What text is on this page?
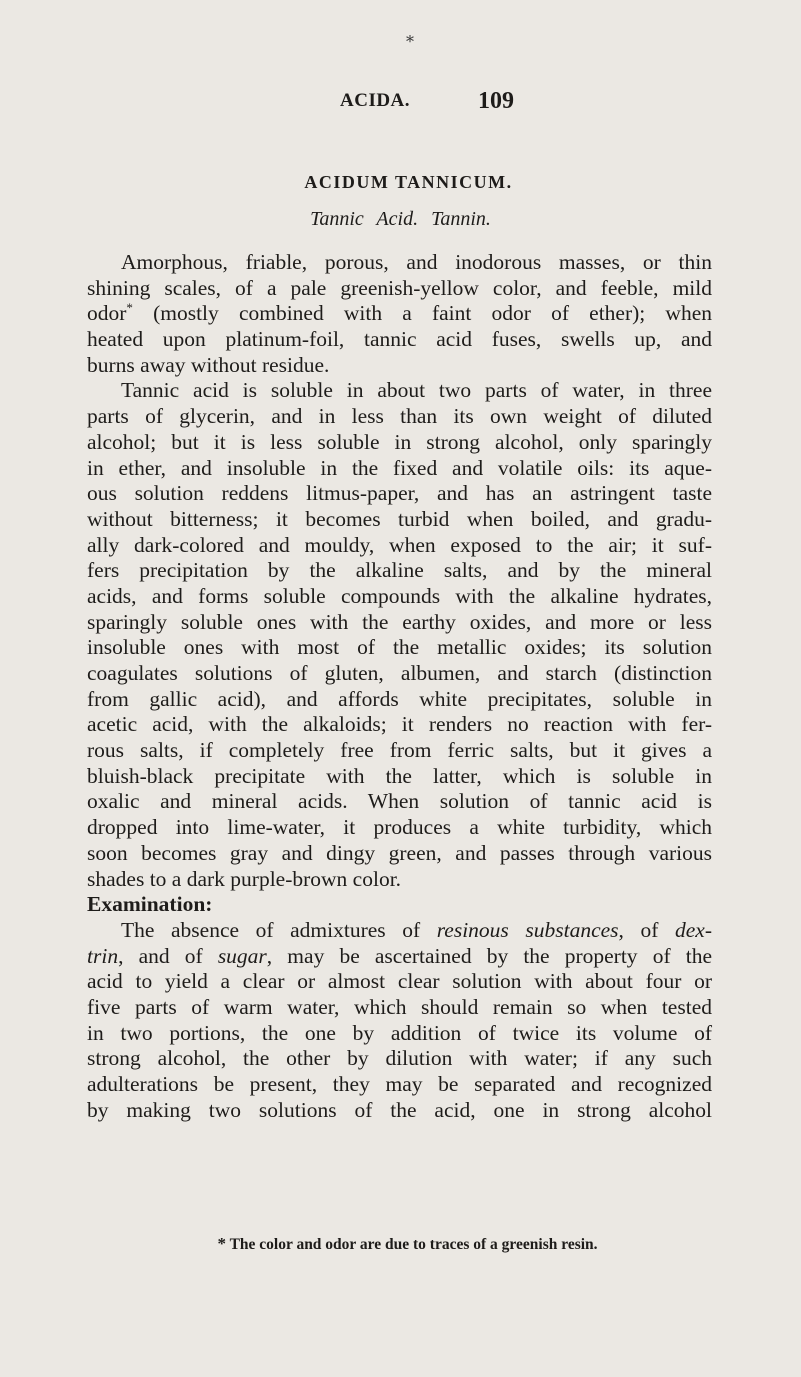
*
ACIDA.	109
ACIDUM TANNICUM.
Tannic Acid. Tannin.
Amorphous, friable, porous, and inodorous masses, or thin
shining scales, of a pale greenish-yellow color, and feeble, mild
odor* (mostly combined with a faint odor of ether); when
heated upon platinum-foil, tannic acid fuses, swells up, and
burns away without residue.
Tannic acid is soluble in about two parts of water, in three
parts of glycerin, and in less than its own weight of diluted
alcohol; but it is less soluble in strong alcohol, only sparingly
in ether, and insoluble in the fixed and volatile oils: its aque-
ous solution reddens litmus-paper, and has an astringent taste
without bitterness; it becomes turbid when boiled, and gradu-
ally dark-colored and mouldy, when exposed to the air; it suf-
fers precipitation by the alkaline salts, and by the mineral
acids, and forms soluble compounds with the alkaline hydrates,
sparingly soluble ones with the earthy oxides, and more or less
insoluble ones with most of the metallic oxides; its solution
coagulates solutions of gluten, albumen, and starch (distinction
from gallic acid), and affords white precipitates, soluble in
acetic acid, with the alkaloids; it renders no reaction with fer-
rous salts, if completely free from ferric salts, but it gives a
bluish-black precipitate with the latter, which is soluble in
oxalic and mineral acids. When solution of tannic acid is
dropped into lime-water, it produces a white turbidity, which
soon becomes gray and dingy green, and passes through various
shades to a dark purple-brown color.
Examination:
The absence of admixtures of resinous substances, of dex-
trin, and of sugar, may be ascertained by the property of the
acid to yield a clear or almost clear solution with about four or
five parts of warm water, which should remain so when tested
in two portions, the one by addition of twice its volume of
strong alcohol, the other by dilution with water; if any such
adulterations be present, they may be separated and recognized
by making two solutions of the acid, one in strong alcohol
* The color and odor are due to traces of a greenish resin.
